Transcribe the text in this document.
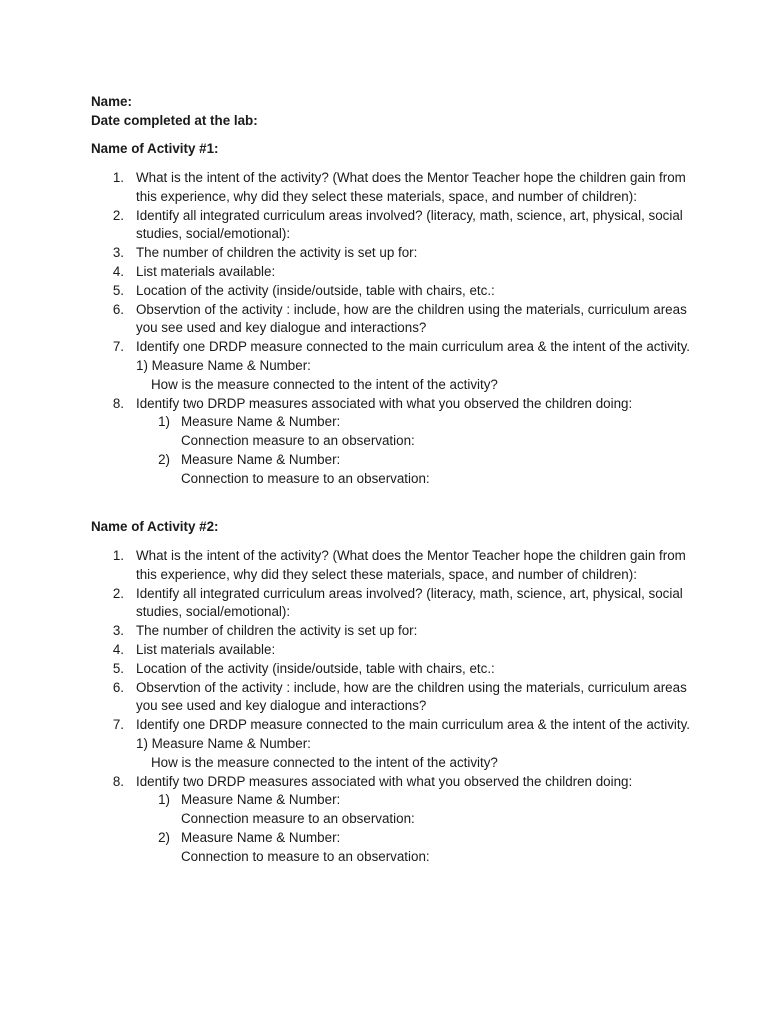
Name:
Date completed at the lab:
Name of Activity #1:
1. What is the intent of the activity? (What does the Mentor Teacher hope the children gain from
this experience, why did they select these materials, space, and number of children):
2. Identify all integrated curriculum areas involved? (literacy, math, science, art, physical, social
studies, social/emotional):
3. The number of children the activity is set up for:
4. List materials available:
5. Location of the activity (inside/outside, table with chairs, etc.:
6. Observtion of the activity : include, how are the children using the materials, curriculum areas
you see used and key dialogue and interactions?
7. Identify one DRDP measure connected to the main curriculum area & the intent of the activity.
1) Measure Name & Number:
How is the measure connected to the intent of the activity?
8. Identify two DRDP measures associated with what you observed the children doing:
1) Measure Name & Number:
Connection measure to an observation:
2) Measure Name & Number:
Connection to measure to an observation:
Name of Activity #2:
1. What is the intent of the activity? (What does the Mentor Teacher hope the children gain from
this experience, why did they select these materials, space, and number of children):
2. Identify all integrated curriculum areas involved? (literacy, math, science, art, physical, social
studies, social/emotional):
3. The number of children the activity is set up for:
4. List materials available:
5. Location of the activity (inside/outside, table with chairs, etc.:
6. Observtion of the activity : include, how are the children using the materials, curriculum areas
you see used and key dialogue and interactions?
7. Identify one DRDP measure connected to the main curriculum area & the intent of the activity.
1) Measure Name & Number:
How is the measure connected to the intent of the activity?
8. Identify two DRDP measures associated with what you observed the children doing:
1) Measure Name & Number:
Connection measure to an observation:
2) Measure Name & Number:
Connection to measure to an observation:
